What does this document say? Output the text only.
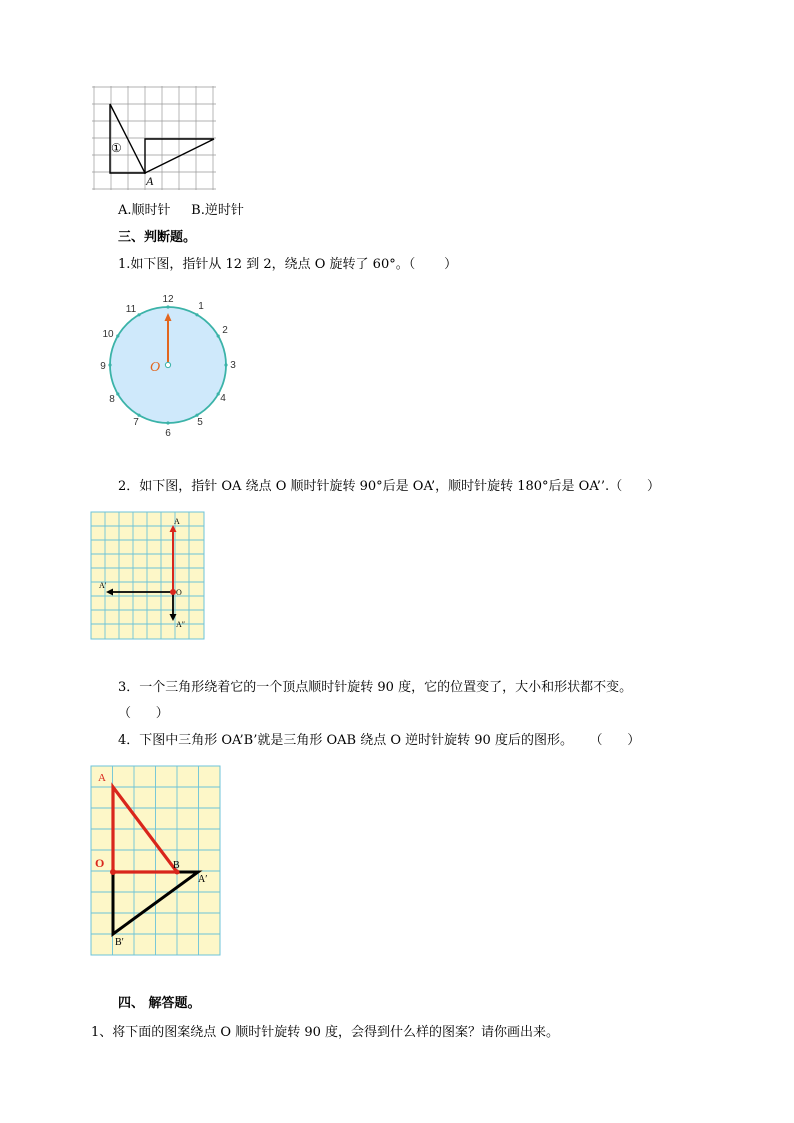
①
A
A.顺时针     B.逆时针
三、判断题。
1.如下图，指针从 12 到 2，绕点 O 旋转了 60°。（       ）
12
1
2
3
4
5
6
7
8
9
10
11
O
2．如下图，指针 OA 绕点 O 顺时针旋转 90°后是 OA’，顺时针旋转 180°后是 OA’’.（      ）
A
O
A′
A″
3．一个三角形绕着它的一个顶点顺时针旋转 90 度，它的位置变了，大小和形状都不变。
（      ）
4．下图中三角形 OA’B’就是三角形 OAB 绕点 O 逆时针旋转 90 度后的图形。    （      ）
A
O	B
A′
B′
四、 解答题。
1、将下面的图案绕点 O 顺时针旋转 90 度，会得到什么样的图案？请你画出来。
